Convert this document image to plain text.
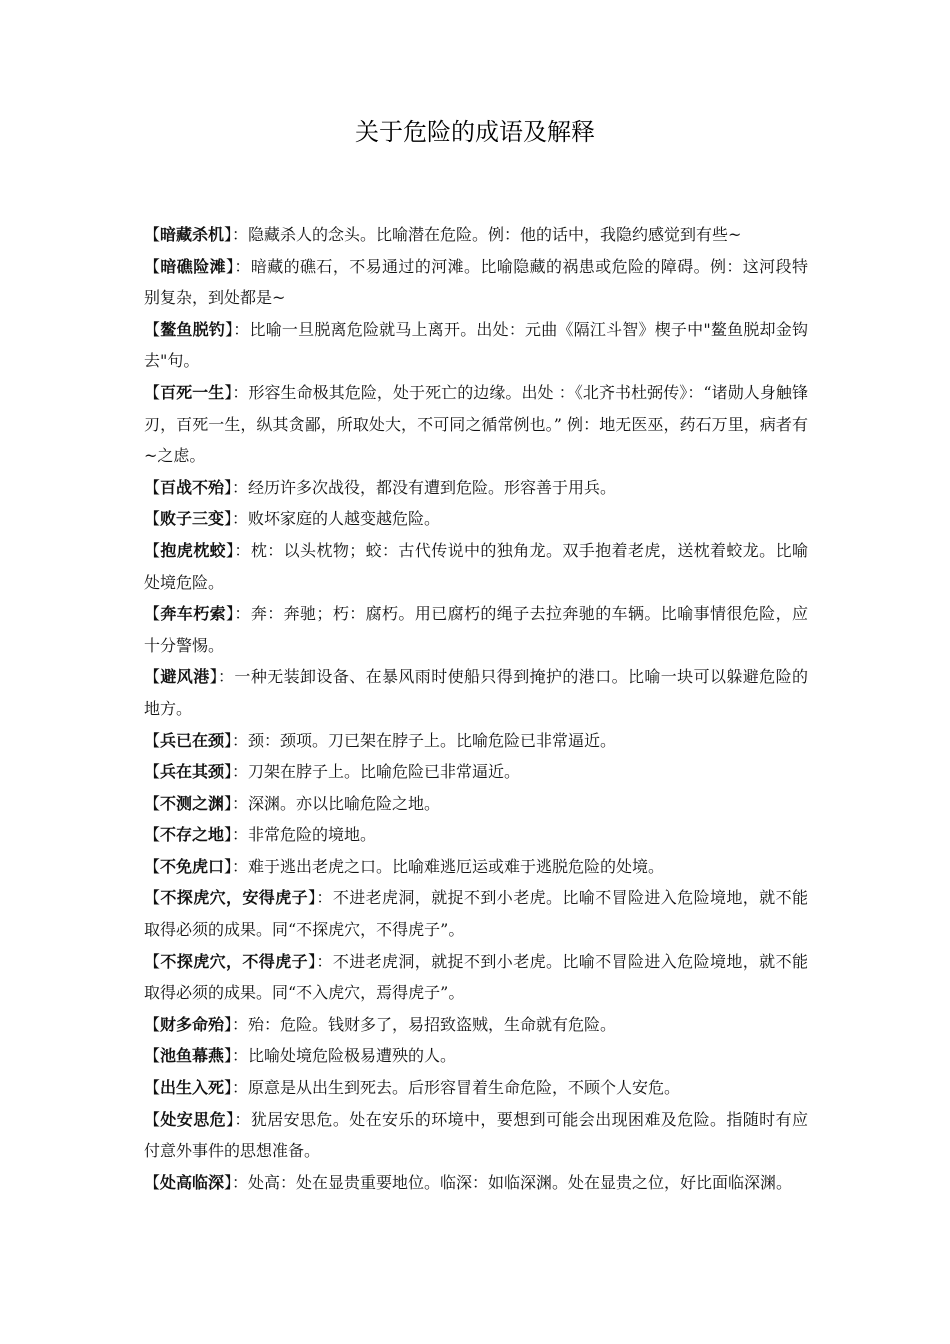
关于危险的成语及解释

【暗藏杀机】：隐藏杀人的念头。比喻潜在危险。例：他的话中，我隐约感觉到有些~

【暗礁险滩】：暗藏的礁石，不易通过的河滩。比喻隐藏的祸患或危险的障碍。例：这河段特别复杂，到处都是~

【鳌鱼脱钓】：比喻一旦脱离危险就马上离开。出处：元曲《隔江斗智》楔子中"鳌鱼脱却金钩去"句。

【百死一生】：形容生命极其危险，处于死亡的边缘。出处 ：《北齐书杜弼传》：“诸勋人身触锋刃，百死一生，纵其贪鄙，所取处大，不可同之循常例也。” 例：地无医巫，药石万里，病者有~之虑。

【百战不殆】：经历许多次战役，都没有遭到危险。形容善于用兵。

【败子三变】：败坏家庭的人越变越危险。

【抱虎枕蛟】：枕：以头枕物；蛟：古代传说中的独角龙。双手抱着老虎，送枕着蛟龙。比喻处境危险。

【奔车朽索】：奔：奔驰；朽：腐朽。用已腐朽的绳子去拉奔驰的车辆。比喻事情很危险，应十分警惕。

【避风港】：一种无装卸设备、在暴风雨时使船只得到掩护的港口。比喻一块可以躲避危险的地方。

【兵已在颈】：颈：颈项。刀已架在脖子上。比喻危险已非常逼近。

【兵在其颈】：刀架在脖子上。比喻危险已非常逼近。

【不测之渊】：深渊。亦以比喻危险之地。

【不存之地】：非常危险的境地。

【不免虎口】：难于逃出老虎之口。比喻难逃厄运或难于逃脱危险的处境。

【不探虎穴，安得虎子】：不进老虎洞，就捉不到小老虎。比喻不冒险进入危险境地，就不能取得必须的成果。同“不探虎穴，不得虎子”。

【不探虎穴，不得虎子】：不进老虎洞，就捉不到小老虎。比喻不冒险进入危险境地，就不能取得必须的成果。同“不入虎穴，焉得虎子”。

【财多命殆】：殆：危险。钱财多了，易招致盗贼，生命就有危险。

【池鱼幕燕】：比喻处境危险极易遭殃的人。

【出生入死】：原意是从出生到死去。后形容冒着生命危险，不顾个人安危。

【处安思危】：犹居安思危。处在安乐的环境中，要想到可能会出现困难及危险。指随时有应付意外事件的思想准备。

【处高临深】：处高：处在显贵重要地位。临深：如临深渊。处在显贵之位，好比面临深渊。
